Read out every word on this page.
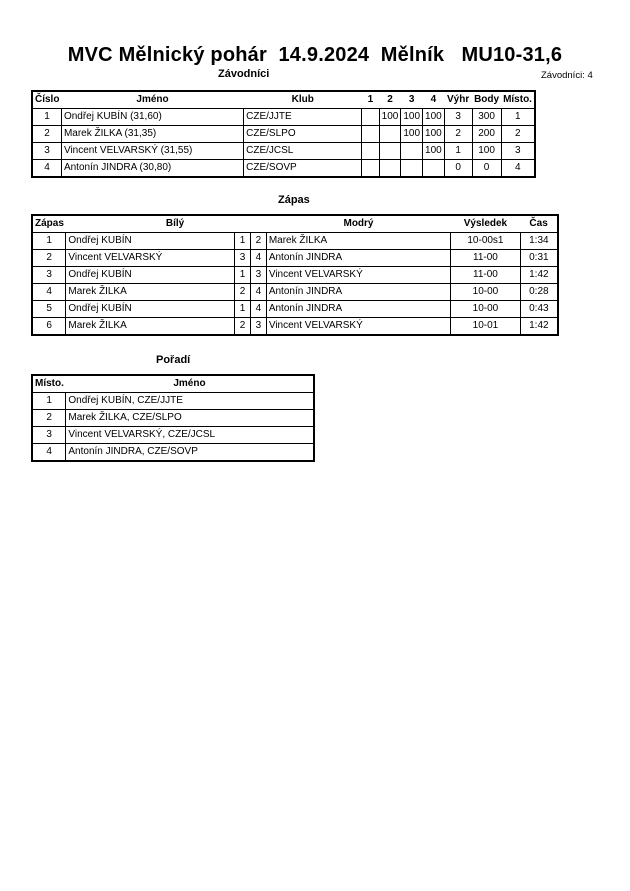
MVC Mělnický pohár  14.9.2024  Mělník   MU10-31,6
Závodníci	Závodníci: 4
Číslo	Jméno	Klub	1	2	3	4	Výhr	Body	Místo.
1	Ondřej KUBÍN (31,60)	CZE/JJTE		100	100	100	3	300	1
2	Marek ŽILKA (31,35)	CZE/SLPO			100	100	2	200	2
3	Vincent VELVARSKÝ (31,55)	CZE/JCSL				100	1	100	3
4	Antonín JINDRA (30,80)	CZE/SOVP					0	0	4
Zápas
Zápas	Bílý			Modrý	Výsledek	Čas
1	Ondřej KUBÍN	1	2	Marek ŽILKA	10-00s1	1:34
2	Vincent VELVARSKÝ	3	4	Antonín JINDRA	11-00	0:31
3	Ondřej KUBÍN	1	3	Vincent VELVARSKÝ	11-00	1:42
4	Marek ŽILKA	2	4	Antonín JINDRA	10-00	0:28
5	Ondřej KUBÍN	1	4	Antonín JINDRA	10-00	0:43
6	Marek ŽILKA	2	3	Vincent VELVARSKÝ	10-01	1:42
Pořadí
Místo.	Jméno
1	Ondřej KUBÍN, CZE/JJTE
2	Marek ŽILKA, CZE/SLPO
3	Vincent VELVARSKÝ, CZE/JCSL
4	Antonín JINDRA, CZE/SOVP
